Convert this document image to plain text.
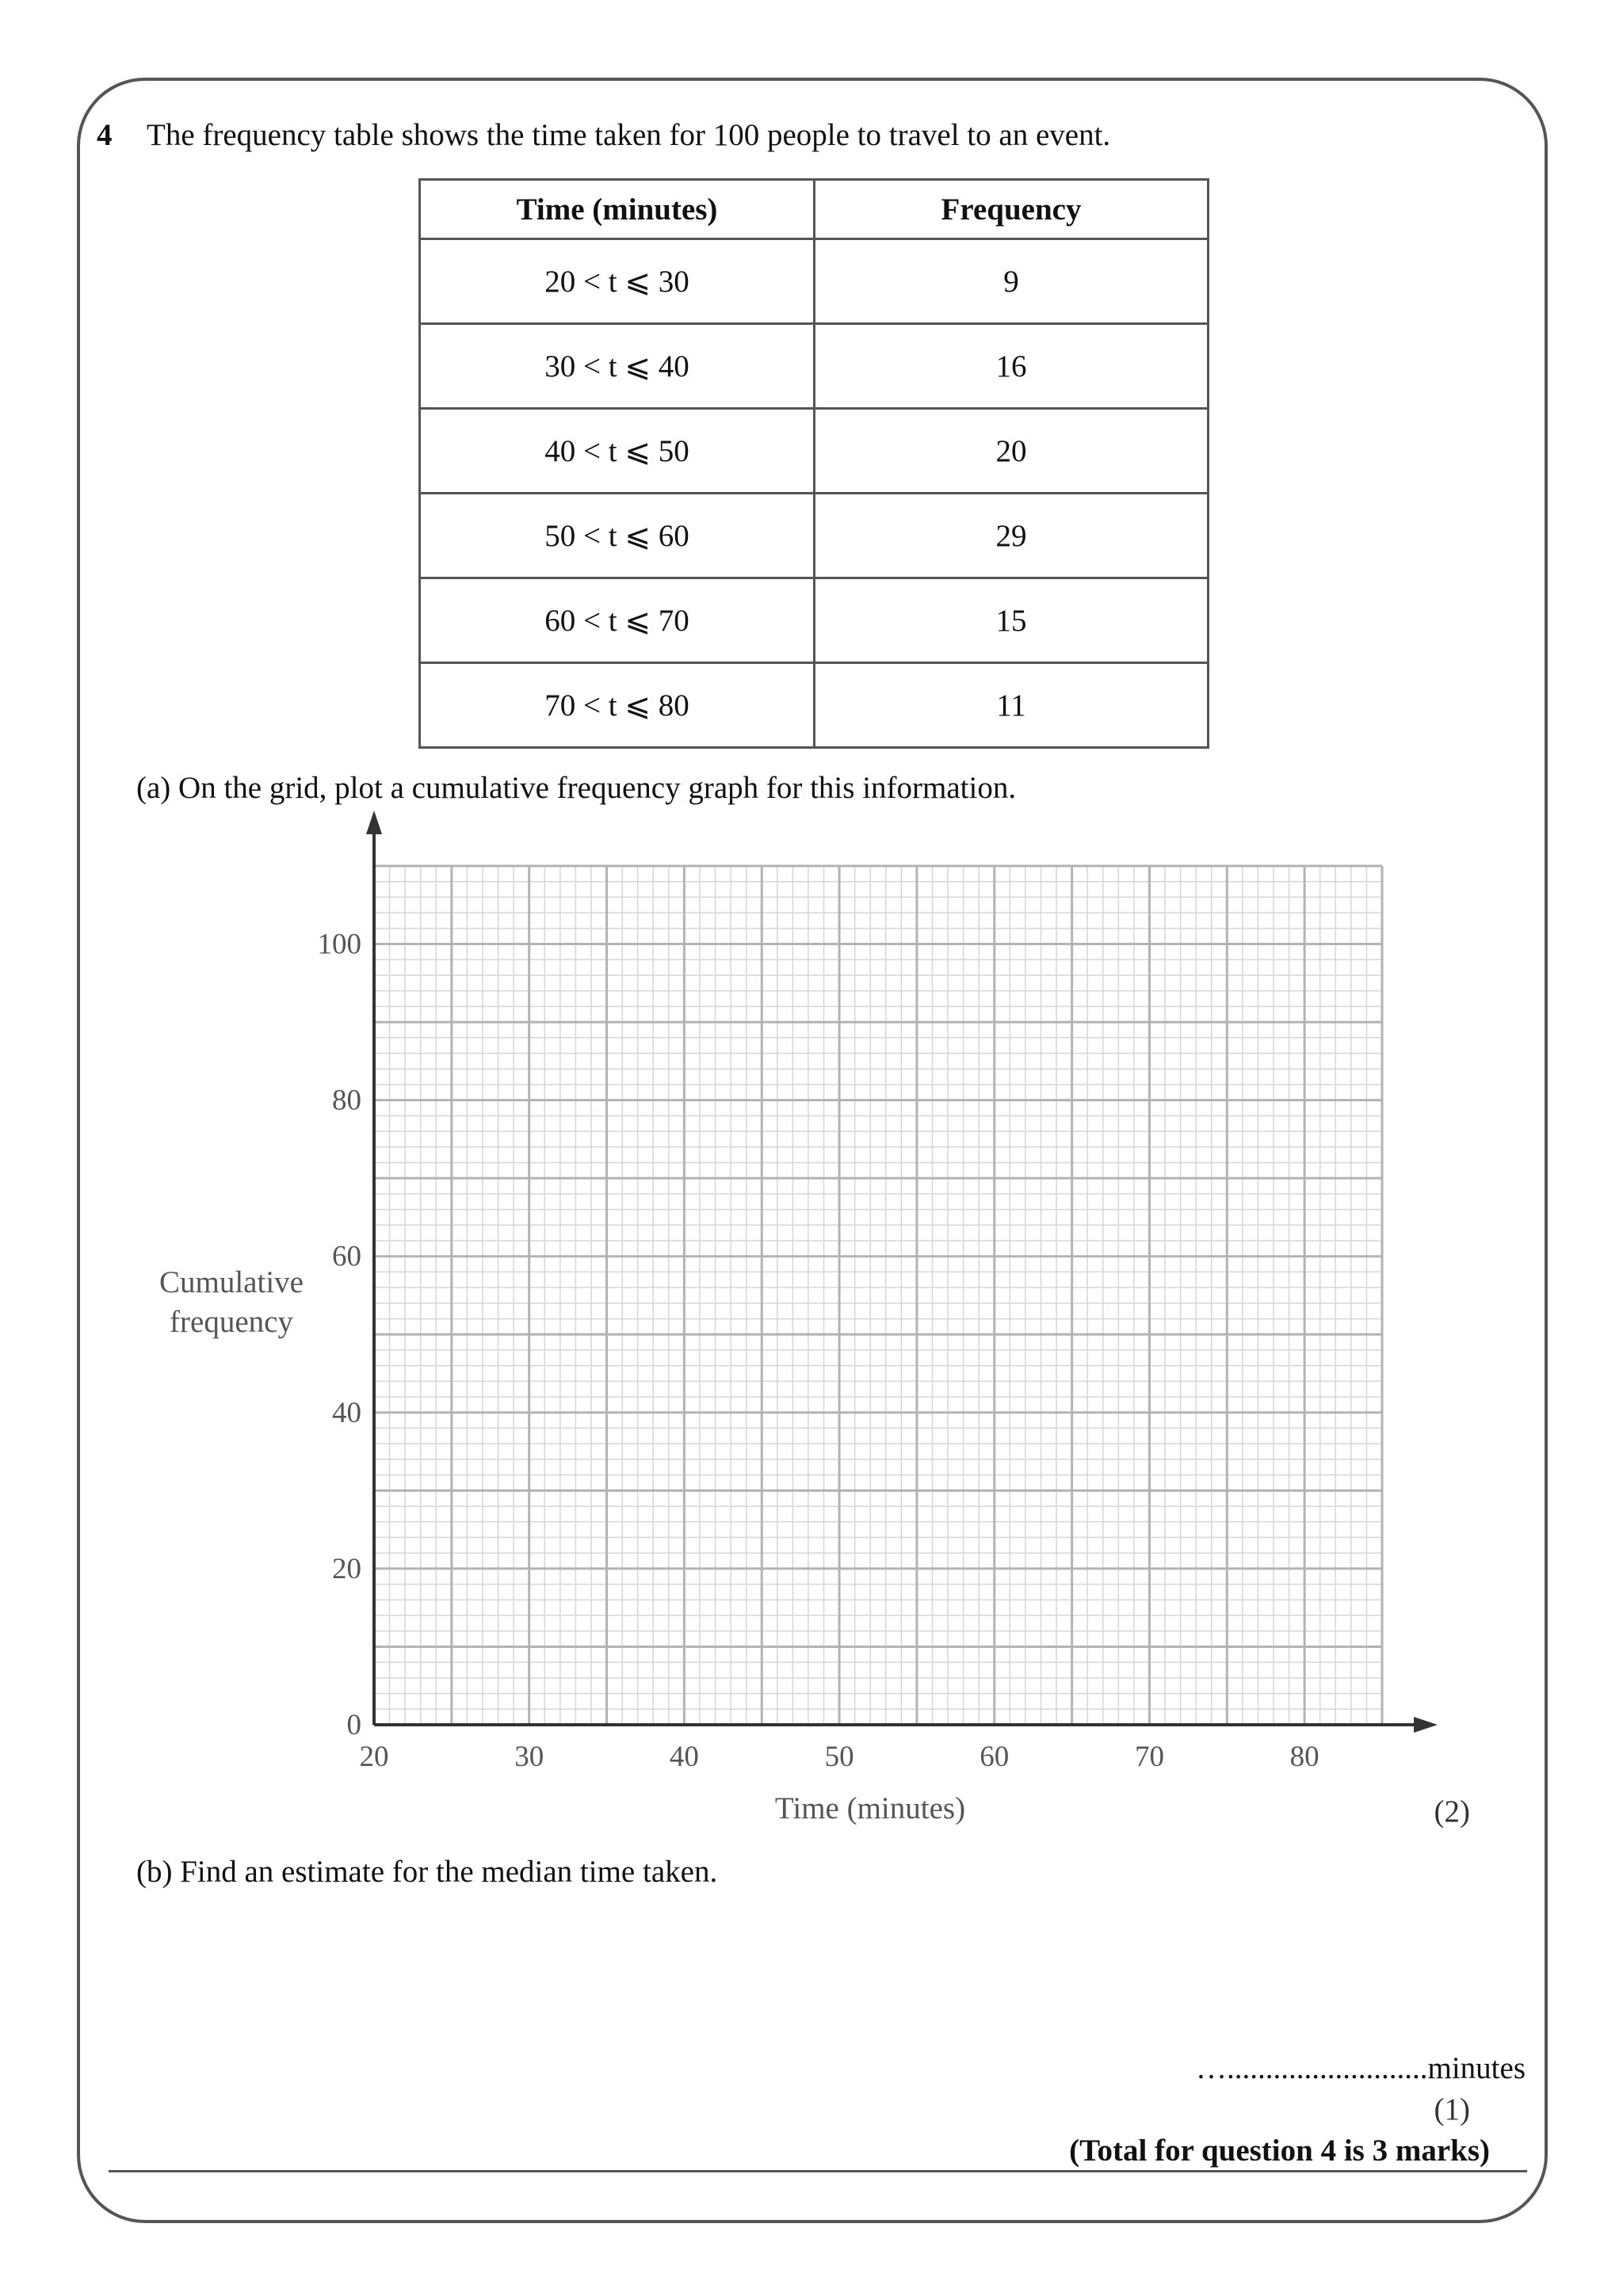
4 The frequency table shows the time taken for 100 people to travel to an event.
Time (minutes)	Frequency
20 < t ⩽ 30	9
30 < t ⩽ 40	16
40 < t ⩽ 50	20
50 < t ⩽ 60	29
60 < t ⩽ 70	15
70 < t ⩽ 80	11
(a) On the grid, plot a cumulative frequency graph for this information.
20	30	40	50	60	70	80
0
20
40
60
80
100
Time (minutes)
Cumulative
frequency
(2)
(b) Find an estimate for the median time taken.
…..........................minutes
(1)
(Total for question 4 is 3 marks)
